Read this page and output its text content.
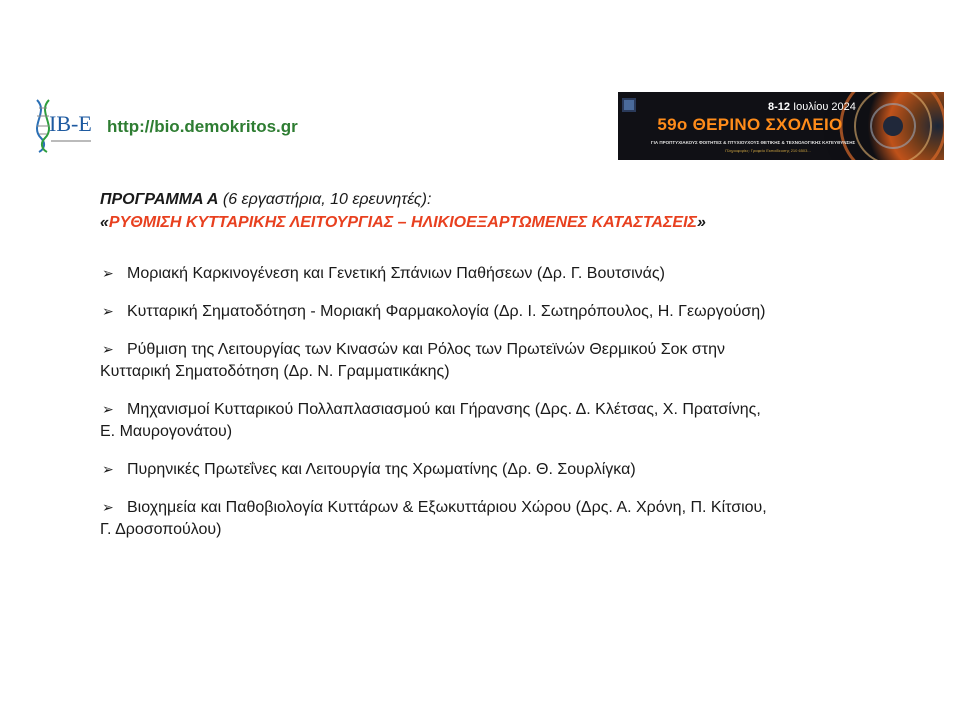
IB-E http://bio.demokritos.gr
8-12 Ιουλίου 2024
59ο ΘΕΡΙΝΟ ΣΧΟΛΕΙΟ
ΓΙΑ ΠΡΟΠΤΥΧΙΑΚΟΥΣ ΦΟΙΤΗΤΕΣ & ΠΤΥΧΙΟΥΧΟΥΣ ΘΕΤΙΚΗΣ & ΤΕΧΝΟΛΟΓΙΚΗΣ ΚΑΤΕΥΘΥΝΣΗΣ
Πληροφορίες: Γραφείο Εκπαίδευσης 210 6503...
ΠΡΟΓΡΑΜΜΑ Α (6 εργαστήρια, 10 ερευνητές):
«ΡΥΘΜΙΣΗ ΚΥΤΤΑΡΙΚΗΣ ΛΕΙΤΟΥΡΓΙΑΣ – ΗΛΙΚΙΟΕΞΑΡΤΩΜΕΝΕΣ ΚΑΤΑΣΤΑΣΕΙΣ»
➢ Μοριακή Καρκινογένεση και Γενετική Σπάνιων Παθήσεων (Δρ. Γ. Βουτσινάς)
➢ Κυτταρική Σηματοδότηση - Μοριακή Φαρμακολογία (Δρ. Ι. Σωτηρόπουλος, Η. Γεωργούση)
➢ Ρύθμιση της Λειτουργίας των Κινασών και Ρόλος των Πρωτεϊνών Θερμικού Σοκ στην
Κυτταρική Σηματοδότηση (Δρ. Ν. Γραμματικάκης)
➢ Μηχανισμοί Κυτταρικού Πολλαπλασιασμού και Γήρανσης (Δρς. Δ. Κλέτσας, Χ. Πρατσίνης,
Ε. Μαυρογονάτου)
➢ Πυρηνικές Πρωτεΐνες και Λειτουργία της Χρωματίνης (Δρ. Θ. Σουρλίγκα)
➢ Βιοχημεία και Παθοβιολογία Κυττάρων & Εξωκυττάριου Χώρου (Δρς. Α. Χρόνη, Π. Κίτσιου,
Γ. Δροσοπούλου)
